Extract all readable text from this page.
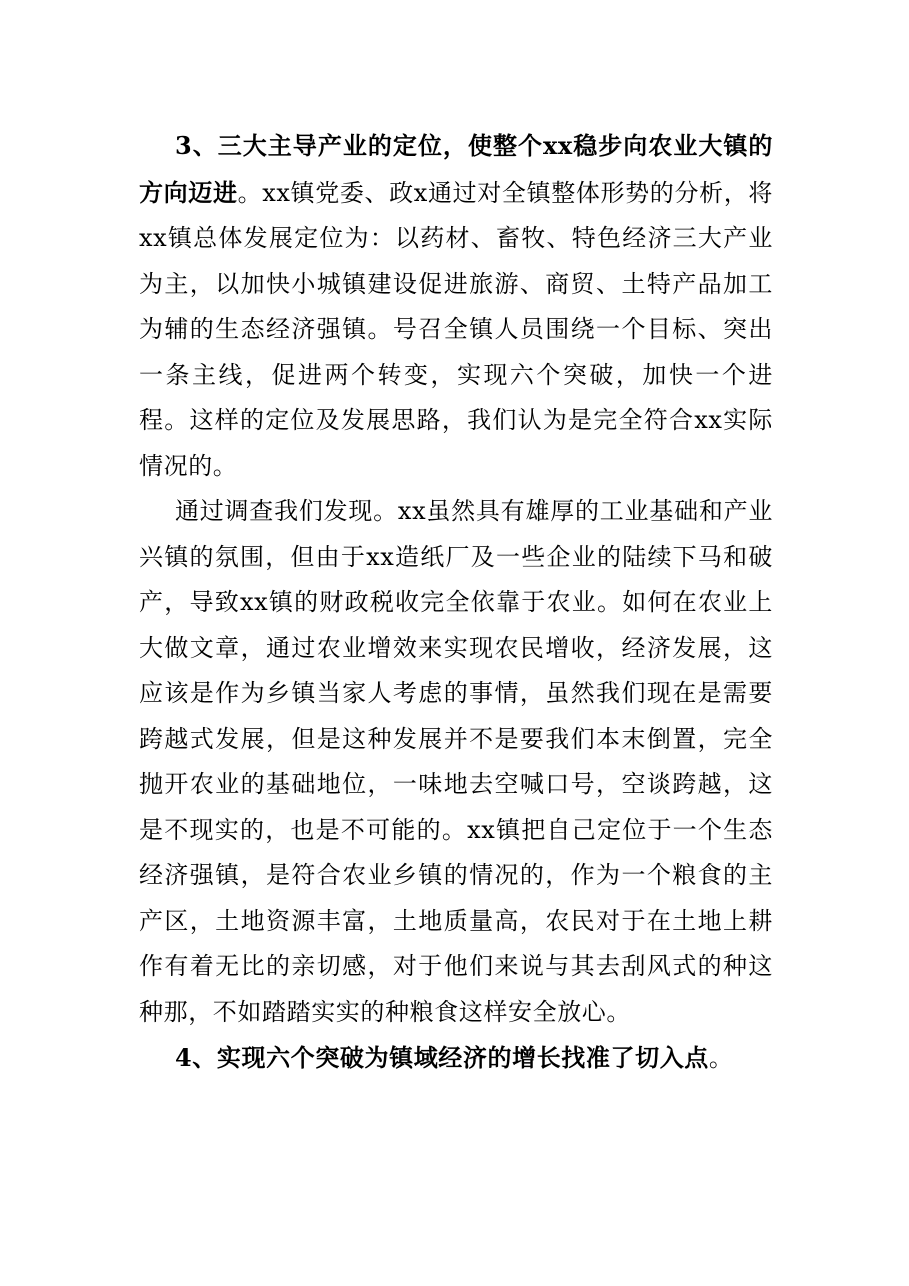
3、三大主导产业的定位，使整个xx稳步向农业大镇的方向迈进。xx镇党委、政x通过对全镇整体形势的分析，将xx镇总体发展定位为：以药材、畜牧、特色经济三大产业为主，以加快小城镇建设促进旅游、商贸、土特产品加工为辅的生态经济强镇。号召全镇人员围绕一个目标、突出一条主线，促进两个转变，实现六个突破，加快一个进程。这样的定位及发展思路，我们认为是完全符合xx实际情况的。

通过调查我们发现。xx虽然具有雄厚的工业基础和产业兴镇的氛围，但由于xx造纸厂及一些企业的陆续下马和破产，导致xx镇的财政税收完全依靠于农业。如何在农业上大做文章，通过农业增效来实现农民增收，经济发展，这应该是作为乡镇当家人考虑的事情，虽然我们现在是需要跨越式发展，但是这种发展并不是要我们本末倒置，完全抛开农业的基础地位，一味地去空喊口号，空谈跨越，这是不现实的，也是不可能的。xx镇把自己定位于一个生态经济强镇，是符合农业乡镇的情况的，作为一个粮食的主产区，土地资源丰富，土地质量高，农民对于在土地上耕作有着无比的亲切感，对于他们来说与其去刮风式的种这种那，不如踏踏实实的种粮食这样安全放心。

4、实现六个突破为镇域经济的增长找准了切入点。
